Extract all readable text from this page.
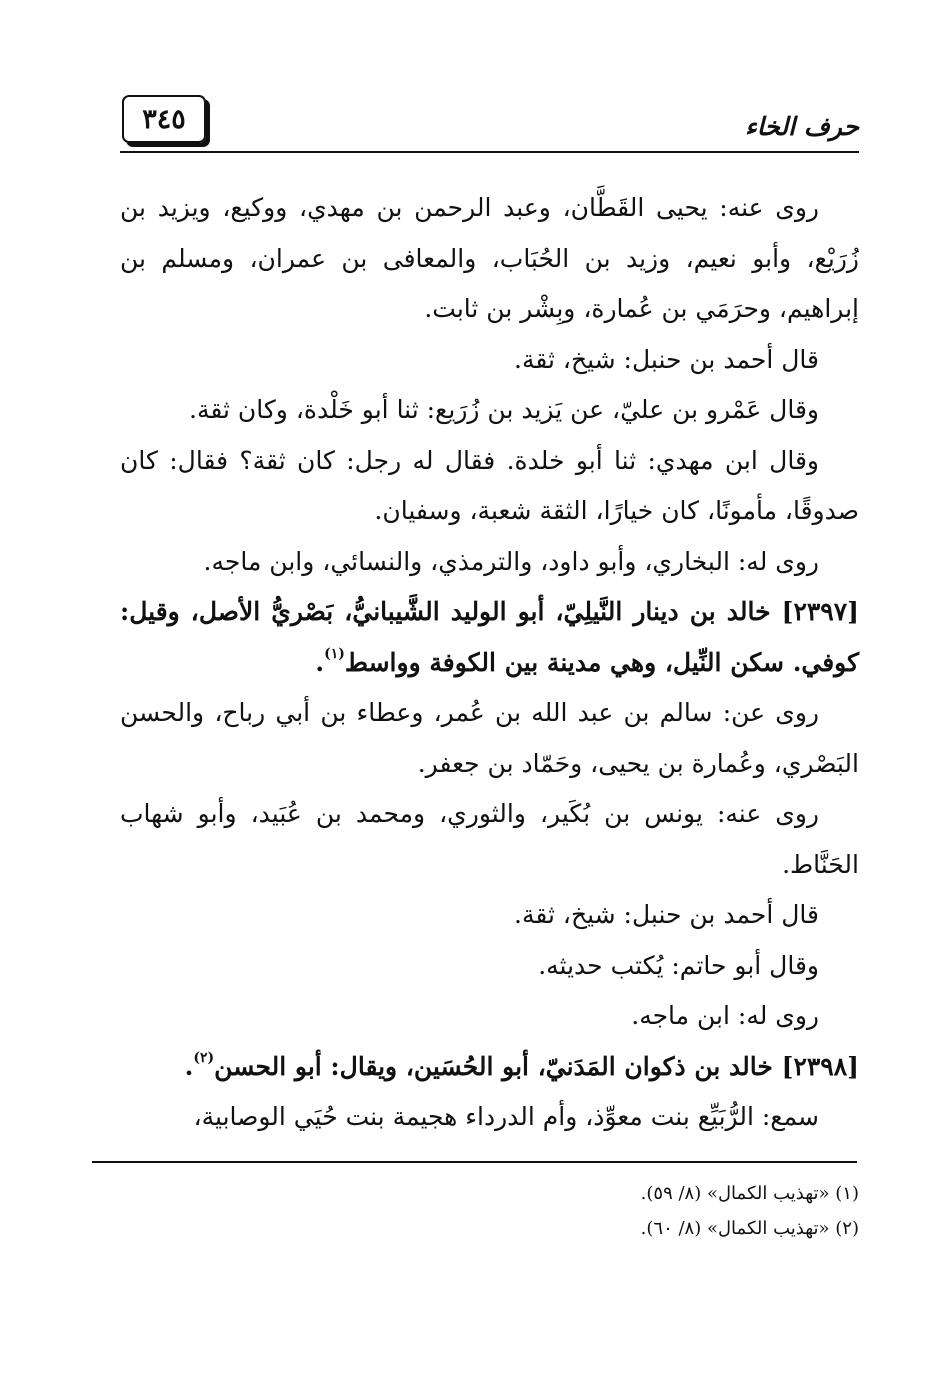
حرف الخاء
٣٤٥

روى عنه: يحيى القَطَّان، وعبد الرحمن بن مهدي، ووكيع، ويزيد بن زُرَيْع، وأبو نعيم، وزيد بن الحُبَاب، والمعافى بن عمران، ومسلم بن إبراهيم، وحرَمَي بن عُمارة، وبِشْر بن ثابت.

قال أحمد بن حنبل: شيخ، ثقة.

وقال عَمْرو بن عليّ، عن يَزيد بن زُرَيع: ثنا أبو خَلْدة، وكان ثقة.

وقال ابن مهدي: ثنا أبو خلدة. فقال له رجل: كان ثقة؟ فقال: كان صدوقًا، مأمونًا، كان خيارًا، الثقة شعبة، وسفيان.

روى له: البخاري، وأبو داود، والترمذي، والنسائي، وابن ماجه.

[٢٣٩٧] خالد بن دينار النَّيلِيّ، أبو الوليد الشَّيبانيُّ، بَصْريُّ الأصل، وقيل: كوفي. سكن النِّيل، وهي مدينة بين الكوفة وواسط$^{(١)}$.

روى عن: سالم بن عبد الله بن عُمر، وعطاء بن أبي رباح، والحسن البَصْري، وعُمارة بن يحيى، وحَمّاد بن جعفر.

روى عنه: يونس بن بُكَير، والثوري، ومحمد بن عُبَيد، وأبو شهاب الحَنَّاط.

قال أحمد بن حنبل: شيخ، ثقة.

وقال أبو حاتم: يُكتب حديثه.

روى له: ابن ماجه.

[٢٣٩٨] خالد بن ذكوان المَدَنيّ، أبو الحُسَين، ويقال: أبو الحسن$^{(٢)}$.

سمع: الرُّبَيِّع بنت معوِّذ، وأم الدرداء هجيمة بنت حُيَي الوصابية،

(١) «تهذيب الكمال» (٨/ ٥٩).

(٢) «تهذيب الكمال» (٨/ ٦٠).
